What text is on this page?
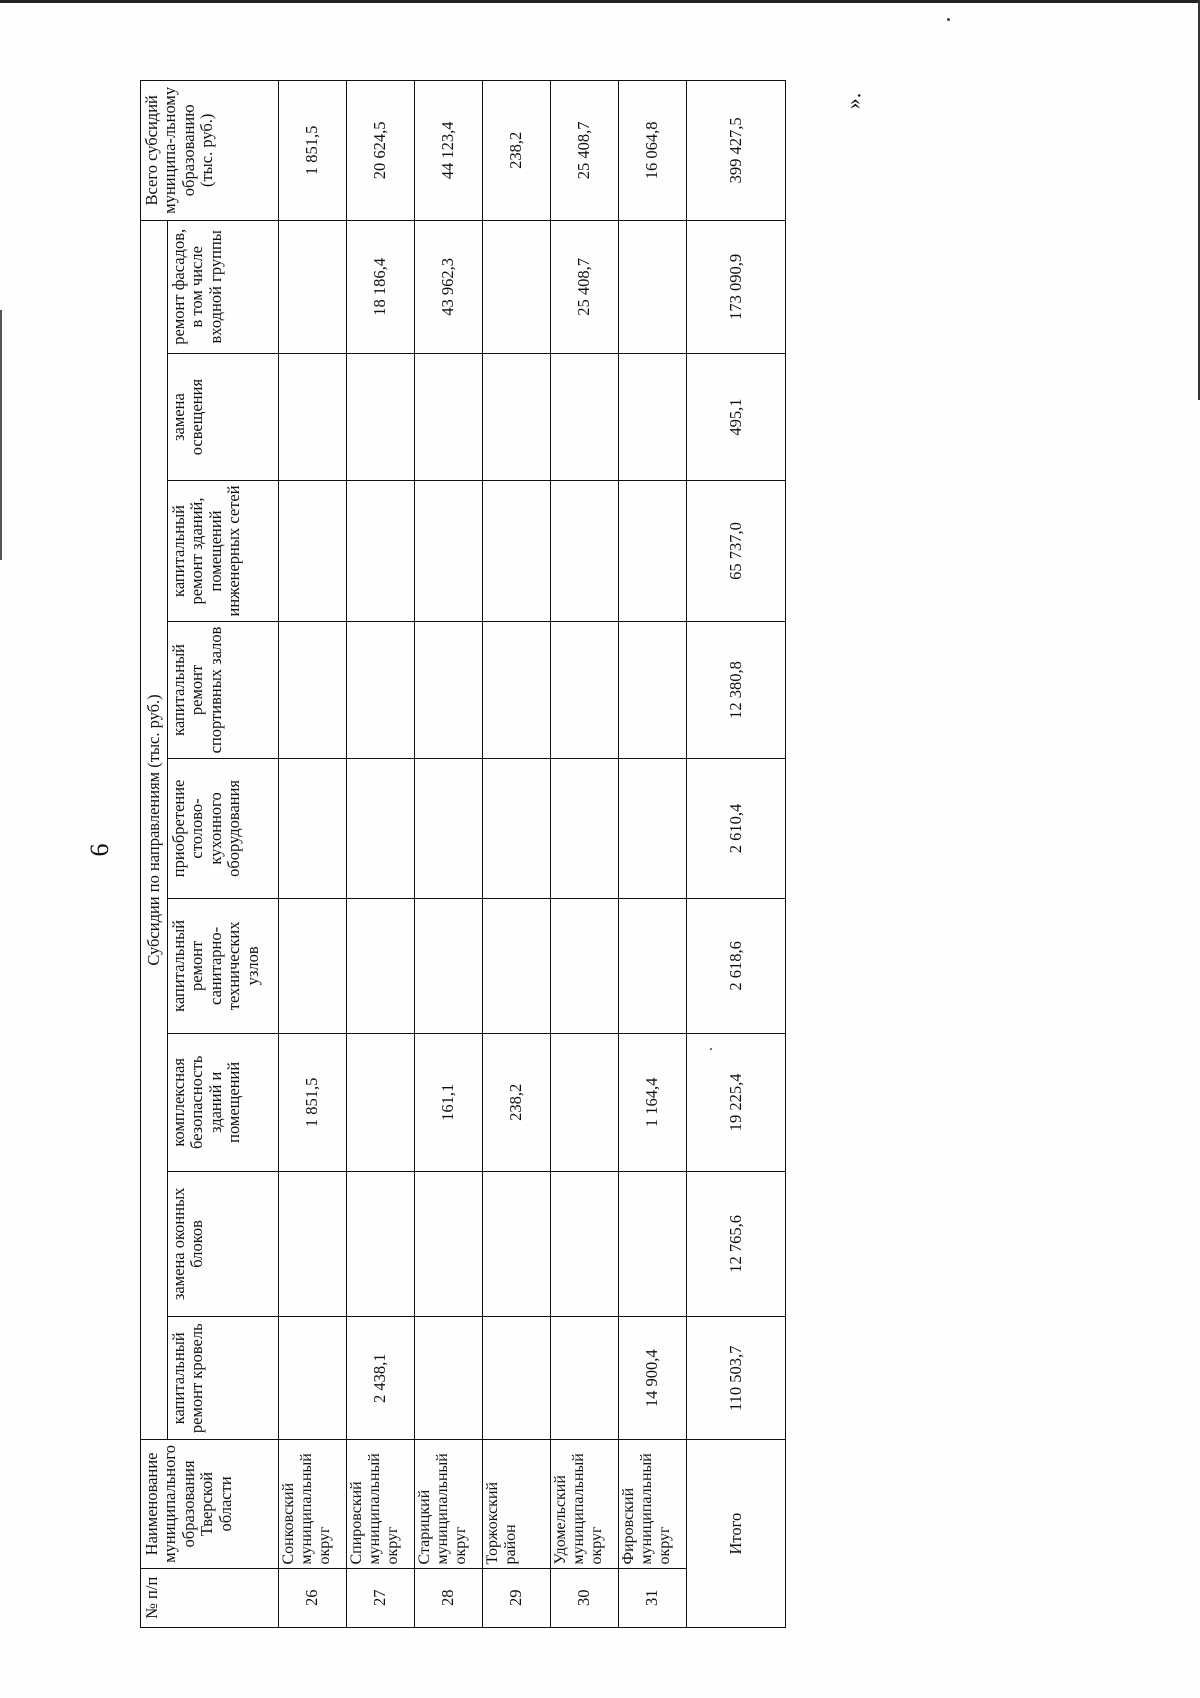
6
».
№ п/п	Наименование муниципального образования Тверской области	Субсидии по направлениям (тыс. руб.)									Всего субсидий муниципа-льному образованию (тыс. руб.)
		капитальный ремонт кровель	замена оконных блоков	комплексная безопасность зданий и помещений	капитальный ремонт санитарно-технических узлов	приобретение столово-кухонного оборудования	капитальный ремонт спортивных залов	капитальный ремонт зданий, помещений инженерных сетей	замена освещения	ремонт фасадов, в том числе входной группы	
26	Сонковский муниципальный округ			1 851,5							1 851,5
27	Спировский муниципальный округ	2 438,1								18 186,4	20 624,5
28	Старицкий муниципальный округ			161,1						43 962,3	44 123,4
29	Торжокский район			238,2							238,2
30	Удомельский муниципальный округ									25 408,7	25 408,7
31	Фировский муниципальный округ	14 900,4		1 164,4							16 064,8
Итого		110 503,7	12 765,6	19 225,4	2 618,6	2 610,4	12 380,8	65 737,0	495,1	173 090,9	399 427,5
